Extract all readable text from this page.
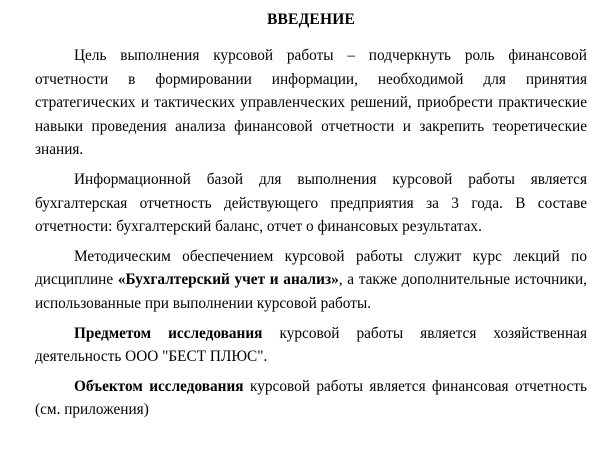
ВВЕДЕНИЕ

Цель выполнения курсовой работы – подчеркнуть роль финансовой отчетности в формировании информации, необходимой для принятия стратегических и тактических управленческих решений, приобрести практические навыки проведения анализа финансовой отчетности и закрепить теоретические знания.

Информационной базой для выполнения курсовой работы является бухгалтерская отчетность действующего предприятия за 3 года. В составе отчетности: бухгалтерский баланс, отчет о финансовых результатах.

Методическим обеспечением курсовой работы служит курс лекций по дисциплине «Бухгалтерский учет и анализ», а также дополнительные источники, использованные при выполнении курсовой работы.

Предметом исследования курсовой работы является хозяйственная деятельность ООО "БЕСТ ПЛЮС".

Объектом исследования курсовой работы является финансовая отчетность (см. приложения)
